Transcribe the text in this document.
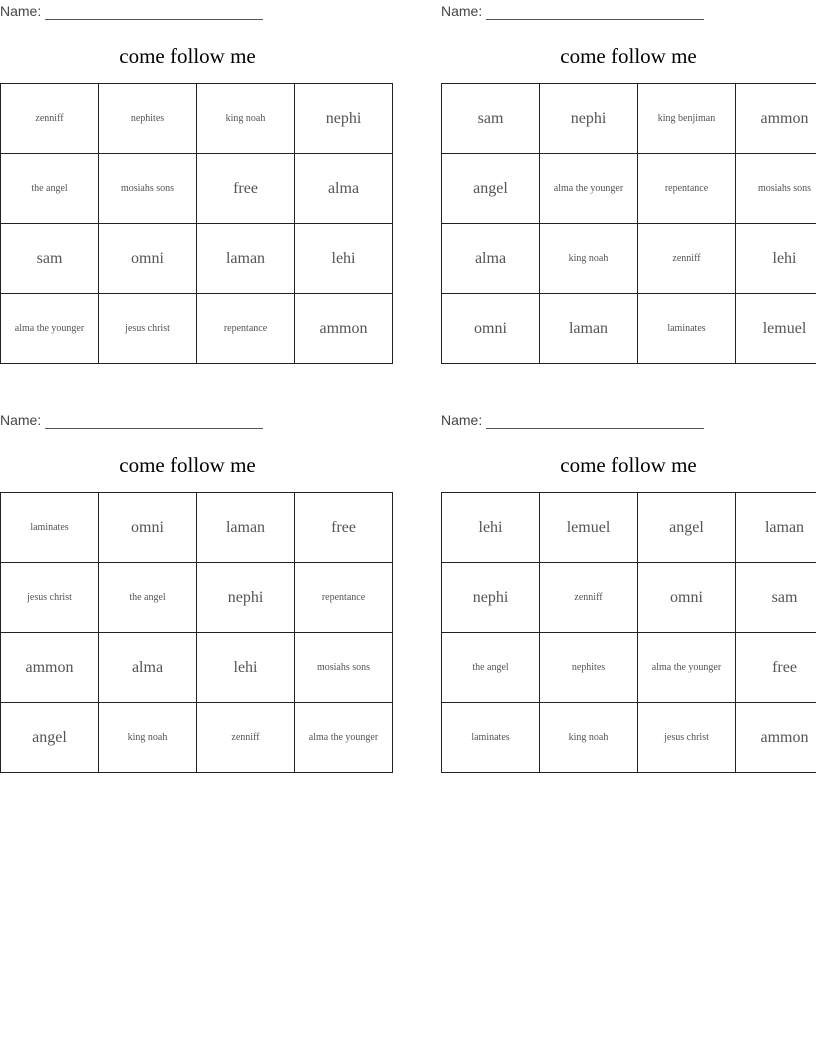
Name:
come follow me
zenniff	nephites	king noah	nephi
the angel	mosiahs sons	free	alma
sam	omni	laman	lehi
alma the younger	jesus christ	repentance	ammon
Name:
come follow me
sam	nephi	king benjiman	ammon
angel	alma the younger	repentance	mosiahs sons
alma	king noah	zenniff	lehi
omni	laman	laminates	lemuel
Name:
come follow me
laminates	omni	laman	free
jesus christ	the angel	nephi	repentance
ammon	alma	lehi	mosiahs sons
angel	king noah	zenniff	alma the younger
Name:
come follow me
lehi	lemuel	angel	laman
nephi	zenniff	omni	sam
the angel	nephites	alma the younger	free
laminates	king noah	jesus christ	ammon
